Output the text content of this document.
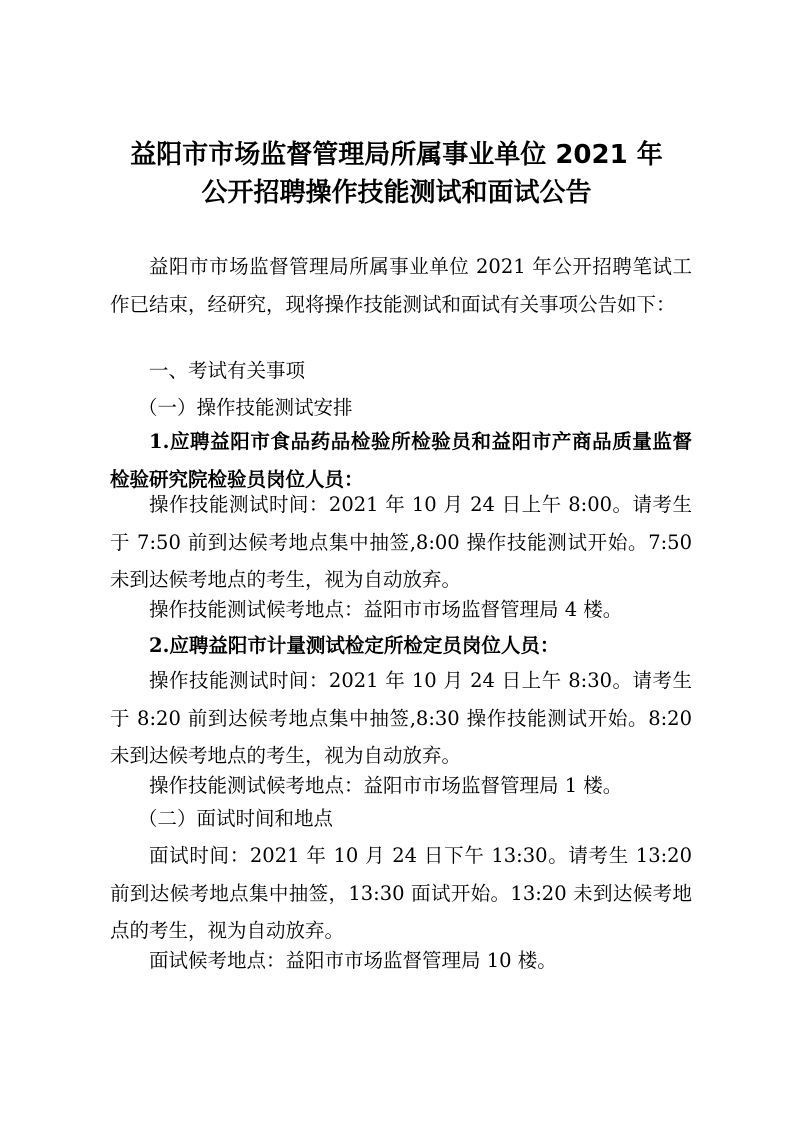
益阳市市场监督管理局所属事业单位 2021 年
公开招聘操作技能测试和面试公告

益阳市市场监督管理局所属事业单位 2021 年公开招聘笔试工作已结束，经研究，现将操作技能测试和面试有关事项公告如下：

一、考试有关事项

（一）操作技能测试安排

1.应聘益阳市食品药品检验所检验员和益阳市产商品质量监督检验研究院检验员岗位人员：

操作技能测试时间：2021 年 10 月 24 日上午 8:00。请考生于 7:50 前到达候考地点集中抽签,8:00 操作技能测试开始。7:50 未到达候考地点的考生，视为自动放弃。

操作技能测试候考地点：益阳市市场监督管理局 4 楼。

2.应聘益阳市计量测试检定所检定员岗位人员：

操作技能测试时间：2021 年 10 月 24 日上午 8:30。请考生于 8:20 前到达候考地点集中抽签,8:30 操作技能测试开始。8:20 未到达候考地点的考生，视为自动放弃。

操作技能测试候考地点：益阳市市场监督管理局 1 楼。

（二）面试时间和地点

面试时间：2021 年 10 月 24 日下午 13:30。请考生 13:20 前到达候考地点集中抽签，13:30 面试开始。13:20 未到达候考地点的考生，视为自动放弃。

面试候考地点：益阳市市场监督管理局 10 楼。
